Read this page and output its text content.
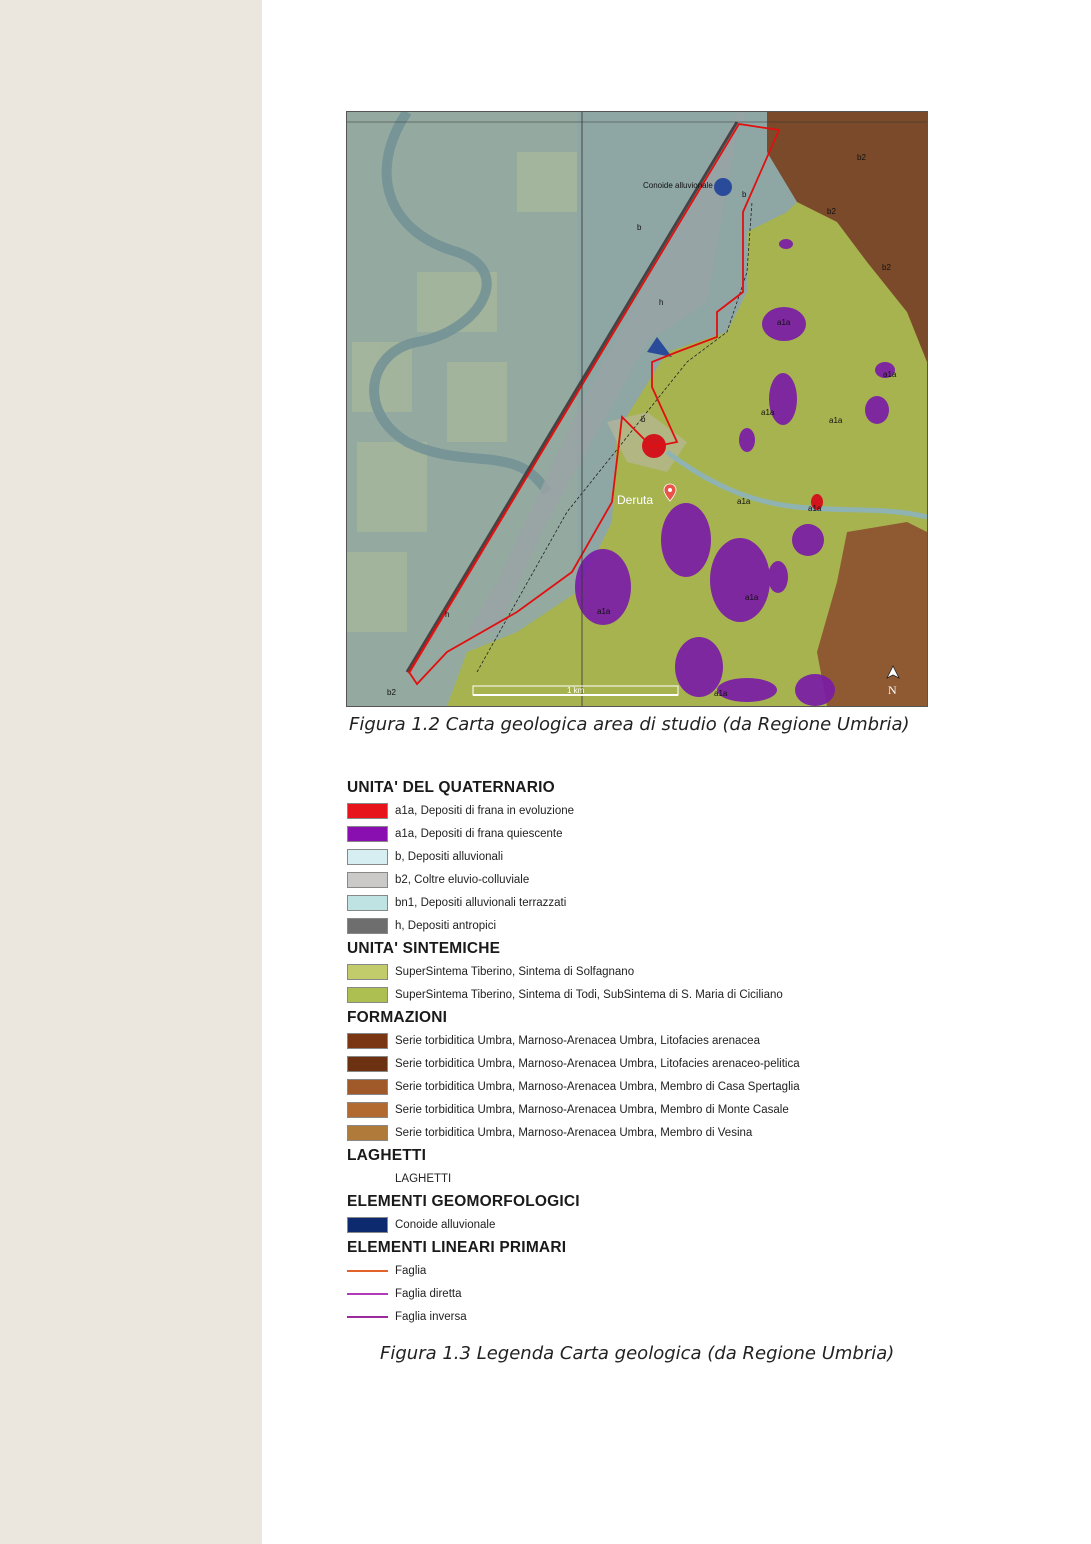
Conoide alluvionale
b
b
b
h
h
b2
b2
b2
b2
a1a
a1a
a1a
a1a
a1a
a1a
a1a
a1a
a1a
Deruta
1 km	N
Figura 1.2 Carta geologica area di studio (da Regione Umbria)
UNITA' DEL QUATERNARIO
a1a, Depositi di frana in evoluzione
a1a, Depositi di frana quiescente
b, Depositi alluvionali
b2, Coltre eluvio-colluviale
bn1, Depositi alluvionali terrazzati
h, Depositi antropici
UNITA' SINTEMICHE
SuperSintema Tiberino, Sintema di Solfagnano
SuperSintema Tiberino, Sintema di Todi, SubSintema di S. Maria di Ciciliano
FORMAZIONI
Serie torbiditica Umbra, Marnoso-Arenacea Umbra, Litofacies arenacea
Serie torbiditica Umbra, Marnoso-Arenacea Umbra, Litofacies arenaceo-pelitica
Serie torbiditica Umbra, Marnoso-Arenacea Umbra, Membro di Casa Spertaglia
Serie torbiditica Umbra, Marnoso-Arenacea Umbra, Membro di Monte Casale
Serie torbiditica Umbra, Marnoso-Arenacea Umbra, Membro di Vesina
LAGHETTI
LAGHETTI
ELEMENTI GEOMORFOLOGICI
Conoide alluvionale
ELEMENTI LINEARI PRIMARI
Faglia
Faglia diretta
Faglia inversa
Figura 1.3 Legenda Carta geologica (da Regione Umbria)
